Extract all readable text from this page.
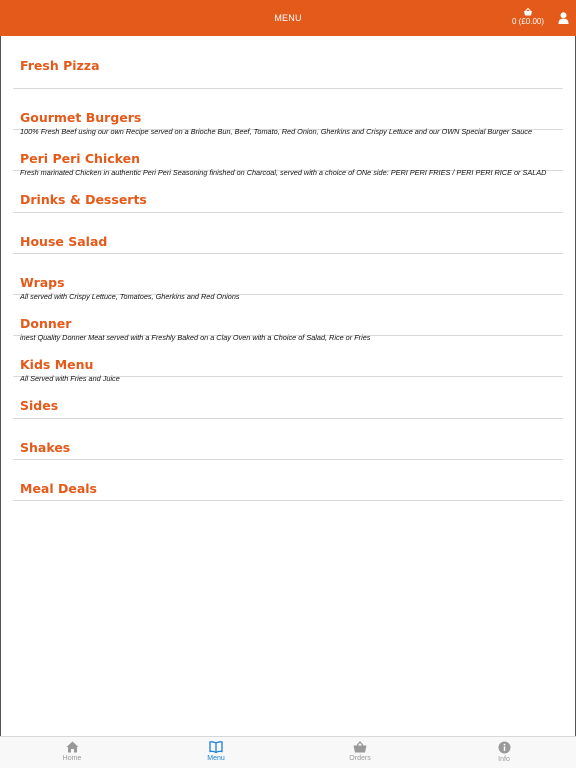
MENU	0 (£0.00)
Fresh Pizza
Gourmet Burgers
100% Fresh Beef using our own Recipe served on a Brioche Bun, Beef, Tomato, Red Onion, Gherkins and Crispy Lettuce and our OWN Special Burger Sauce
Peri Peri Chicken
Fresh marinated Chicken in authentic Peri Peri Seasoning finished on Charcoal, served with a choice of ONe side: PERI PERI FRIES / PERI PERI RICE or SALAD
Drinks & Desserts
House Salad
Wraps
All served with Crispy Lettuce, Tomatoes, Gherkins and Red Onions
Donner
inest Quality Donner Meat served with a Freshly Baked on a Clay Oven with a Choice of Salad, Rice or Fries
Kids Menu
All Served with Fries and Juice
Sides
Shakes
Meal Deals
Home	Menu	Orders	Info
